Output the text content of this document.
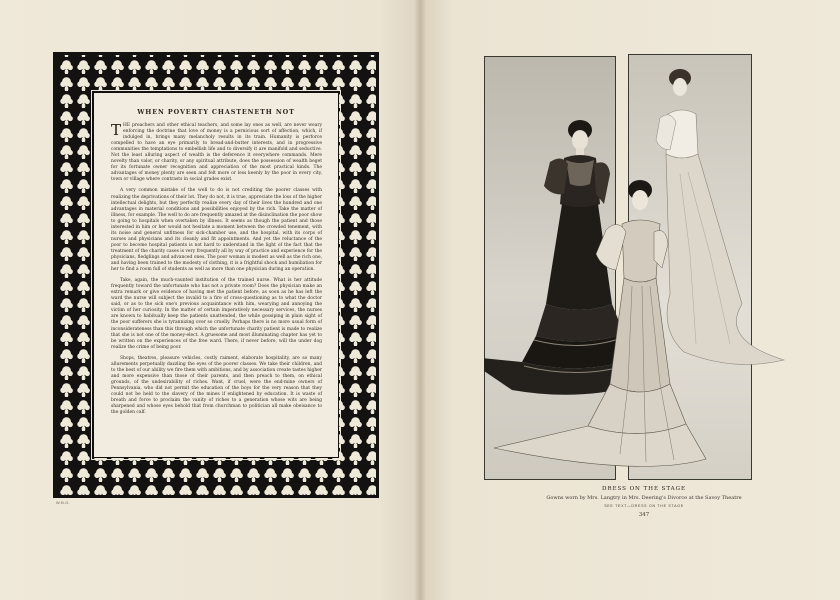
W.B.G.
WHEN POVERTY CHASTENETH NOT

THE preachers and other ethical teachers, and some lay ones as well, are never weary enforcing the doctrine that love of money is a pernicious sort of affection, which, if indulged in, brings many melancholy results in its train. Humanity is perforce compelled to have an eye primarily to bread-and-butter interests, and in progressive communities the temptations to embellish life and to diversify it are manifold and seductive. Not the least alluring aspect of wealth is the deference it everywhere commands. Mere novelty than valor, or charity, or any spiritual attribute, does the possession of wealth beget for its fortunate owner recognition and appreciation of the most practical kinds. The advantages of money plenty are seen and felt more or less keenly by the poor in every city, town or village where contrasts in social grades exist.

A very common mistake of the well to do is not crediting the poorer classes with realizing the deprivations of their lot. They do not, it is true, appreciate the loss of the higher intellectual delights, but they perfectly realize every day of their lives the hundred and one advantages in material conditions and possibilities enjoyed by the rich. Take the matter of illness, for example. The well to do are frequently amazed at the disinclination the poor show to going to hospitals when overtaken by illness. It seems as though the patient and those interested in him or her would not hesitate a moment between the crowded tenement, with its noise and general unfitness for sick-chamber use, and the hospital, with its corps of nurses and physicians and its cleanly and fit appointments. And yet the reluctance of the poor to become hospital patients is not hard to understand in the light of the fact that the treatment of the charity cases is very frequently all by way of practice and experience for the physicians, fledglings and advanced ones. The poor woman is modest as well as the rich one, and having been trained to the modesty of clothing, it is a frightful shock and humiliation for her to find a room full of students as well as more than one physician during an operation.

Take, again, the much-vaunted institution of the trained nurse. What is her attitude frequently toward the unfortunate who has not a private room? Does the physician make an extra remark or give evidence of having met the patient before, as soon as he has left the ward the nurse will subject the invalid to a fire of cross-questioning as to what the doctor said, or as to the sick one's previous acquaintance with him, wearying and annoying the victim of her curiosity. In the matter of certain imperatively necessary services, the nurses are known to habitually keep the patients unattended, the while gossiping in plain sight of the poor sufferers she is tyrannizing over so cruelly. Perhaps there is no more usual form of inconsiderateness than this through which the unfortunate charity patient is made to realize that she is not one of the money-elect. A gruesome and most illuminating chapter has yet to be written on the experiences of the free ward. There, if never before, will the under dog realize the crime of being poor.

Shops, theatres, pleasure vehicles, costly raiment, elaborate hospitality, are so many allurements perpetually dazzling the eyes of the poorer classes. We take their children, and to the best of our ability we fire them with ambitions, and by association create tastes higher and more expensive than those of their parents, and then preach to them, on ethical grounds, of the undesirability of riches. Want, if cruel, were the end-mine owners of Pennsylvania, who did not permit the education of the boys for the very reason that they could not be held to the slavery of the mines if enlightened by education. It is waste of breath and force to proclaim the vanity of riches to a generation whose wits are being sharpened and whose eyes behold that from churchman to politician all make obeisance to the golden calf.

DRESS ON THE STAGE
Gowns worn by Mrs. Langtry in Mrs. Deering's Divorce at the Savoy Theatre
SEE TEXT—DRESS ON THE STAGE
347
